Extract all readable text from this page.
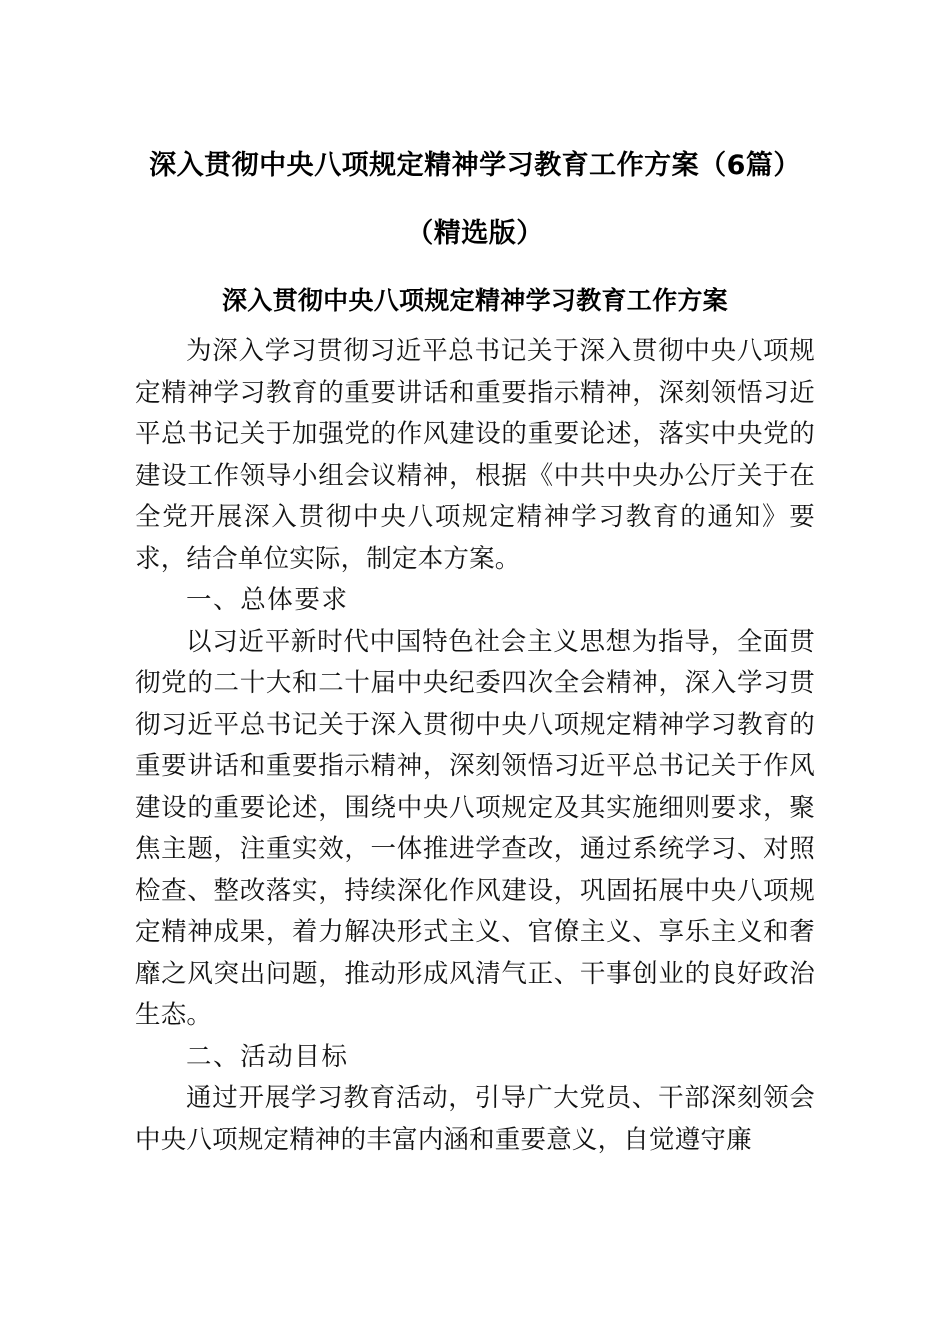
深入贯彻中央八项规定精神学习教育工作方案（6篇）
（精选版）
深入贯彻中央八项规定精神学习教育工作方案

为深入学习贯彻习近平总书记关于深入贯彻中央八项规定精神学习教育的重要讲话和重要指示精神，深刻领悟习近平总书记关于加强党的作风建设的重要论述，落实中央党的建设工作领导小组会议精神，根据《中共中央办公厅关于在全党开展深入贯彻中央八项规定精神学习教育的通知》要求，结合单位实际，制定本方案。

一、总体要求

以习近平新时代中国特色社会主义思想为指导，全面贯彻党的二十大和二十届中央纪委四次全会精神，深入学习贯彻习近平总书记关于深入贯彻中央八项规定精神学习教育的重要讲话和重要指示精神，深刻领悟习近平总书记关于作风建设的重要论述，围绕中央八项规定及其实施细则要求，聚焦主题，注重实效，一体推进学查改，通过系统学习、对照检查、整改落实，持续深化作风建设，巩固拓展中央八项规定精神成果，着力解决形式主义、官僚主义、享乐主义和奢靡之风突出问题，推动形成风清气正、干事创业的良好政治生态。

二、活动目标

通过开展学习教育活动，引导广大党员、干部深刻领会中央八项规定精神的丰富内涵和重要意义，自觉遵守廉
